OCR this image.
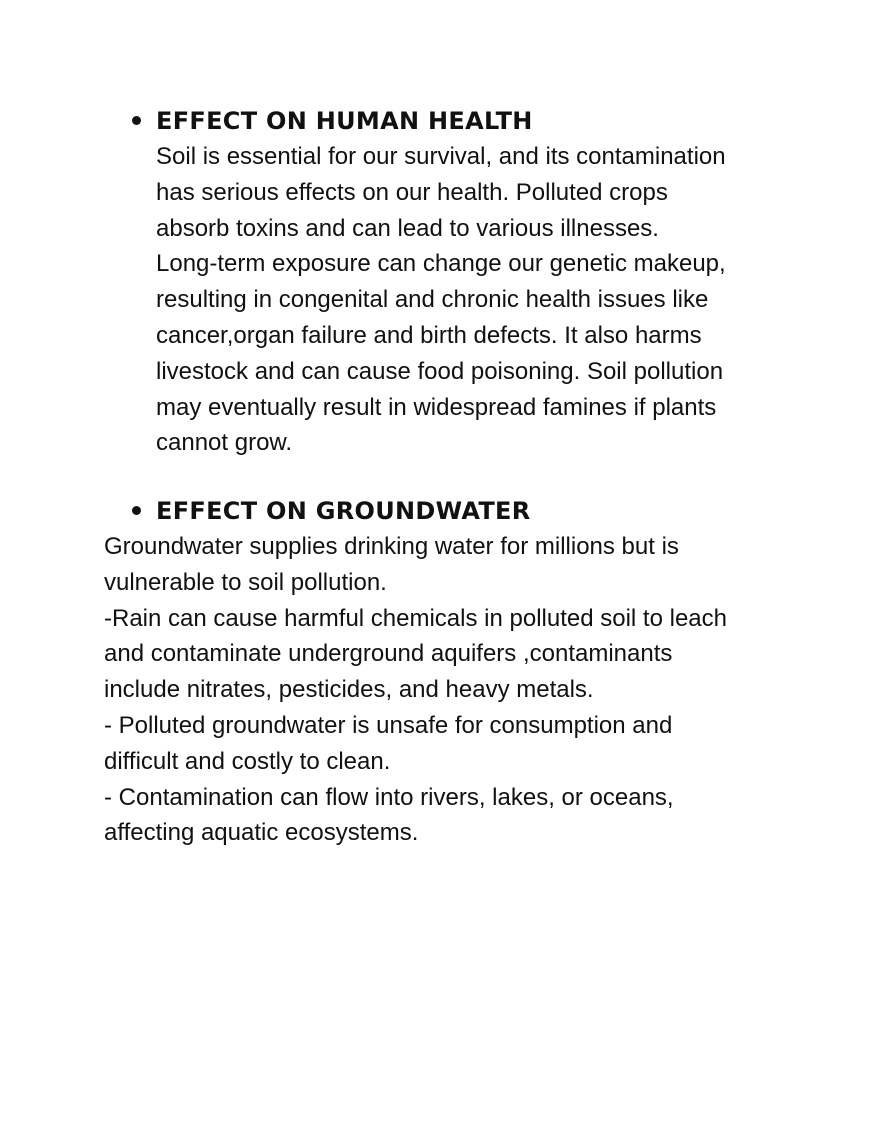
EFFECT ON HUMAN HEALTH

Soil is essential for our survival, and its contamination
has serious effects on our health. Polluted crops
absorb toxins and can lead to various illnesses.
Long-term exposure can change our genetic makeup,
resulting in congenital and chronic health issues like
cancer,organ failure and birth defects. It also harms
livestock and can cause food poisoning. Soil pollution
may eventually result in widespread famines if plants
cannot grow.

EFFECT ON GROUNDWATER

Groundwater supplies drinking water for millions but is
vulnerable to soil pollution.
-Rain can cause harmful chemicals in polluted soil to leach
and contaminate underground aquifers ,contaminants
include nitrates, pesticides, and heavy metals.
- Polluted groundwater is unsafe for consumption and
difficult and costly to clean.
- Contamination can flow into rivers, lakes, or oceans,
affecting aquatic ecosystems.
